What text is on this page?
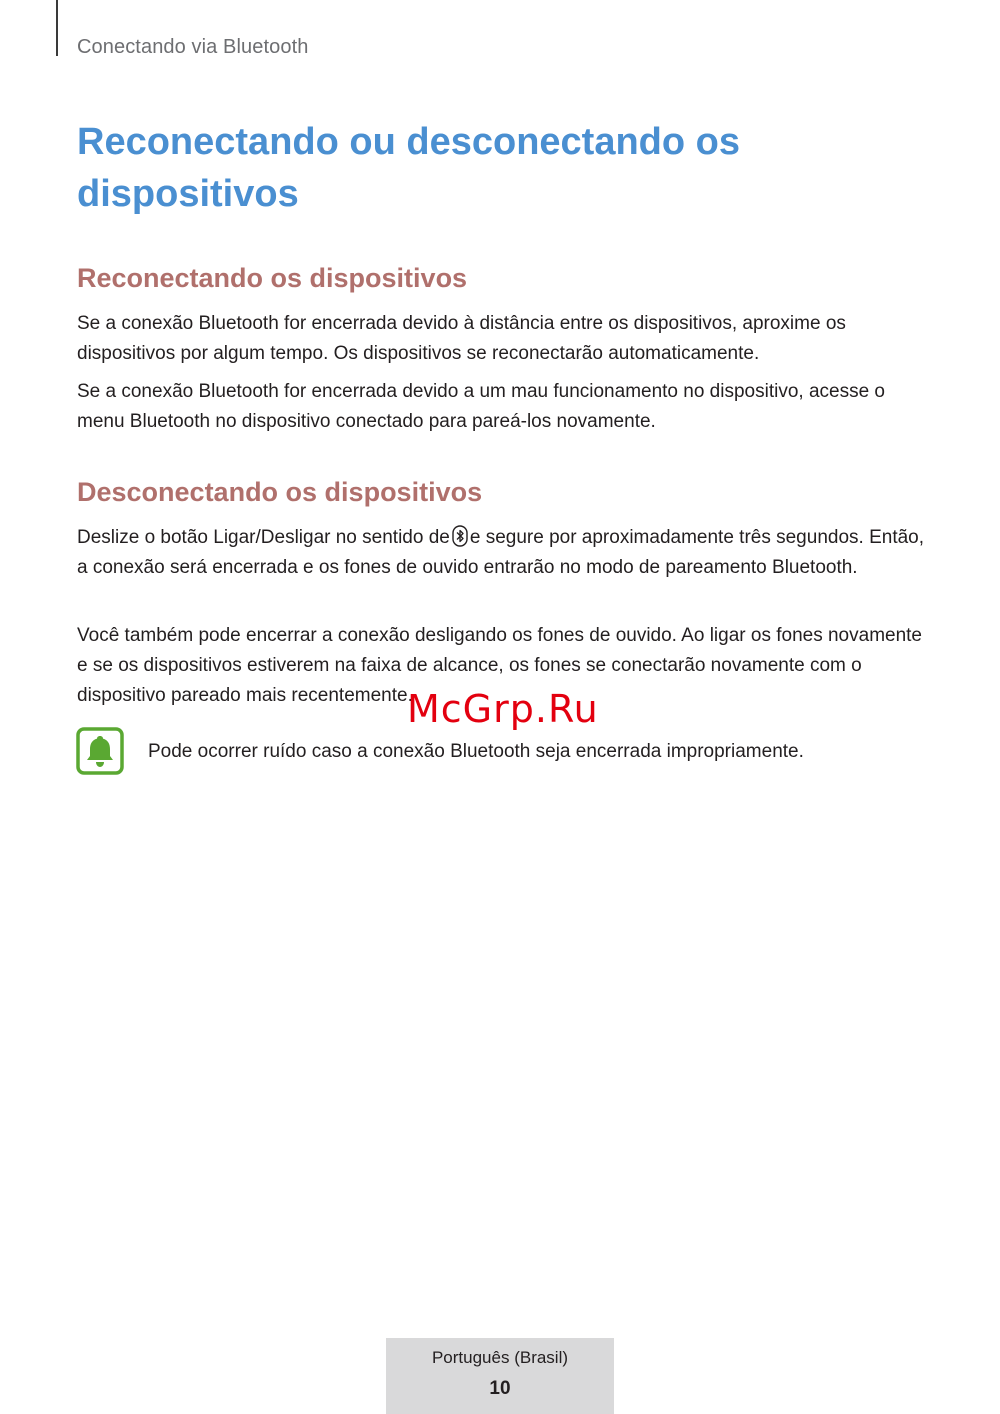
Conectando via Bluetooth
Reconectando ou desconectando os dispositivos
Reconectando os dispositivos

Se a conexão Bluetooth for encerrada devido à distância entre os dispositivos, aproxime os dispositivos por algum tempo. Os dispositivos se reconectarão automaticamente.

Se a conexão Bluetooth for encerrada devido a um mau funcionamento no dispositivo, acesse o menu Bluetooth no dispositivo conectado para pareá-los novamente.

Desconectando os dispositivos

Deslize o botão Ligar/Desligar no sentido de e segure por aproximadamente três segundos. Então, a conexão será encerrada e os fones de ouvido entrarão no modo de pareamento Bluetooth.

Você também pode encerrar a conexão desligando os fones de ouvido. Ao ligar os fones novamente e se os dispositivos estiverem na faixa de alcance, os fones se conectarão novamente com o dispositivo pareado mais recentemente.

Pode ocorrer ruído caso a conexão Bluetooth seja encerrada impropriamente.
McGrp.Ru
Português (Brasil)
10
